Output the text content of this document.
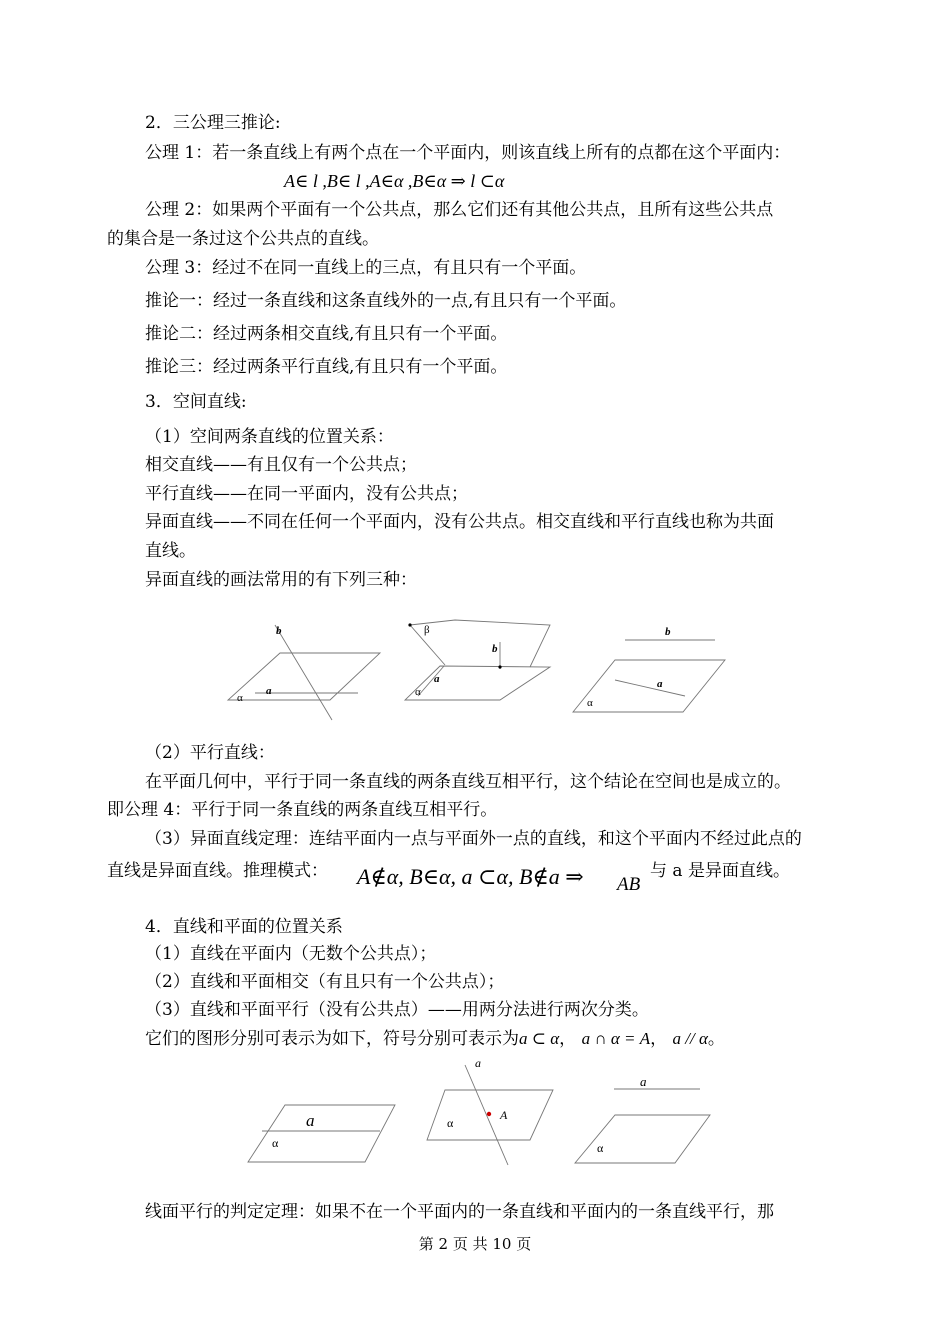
2．三公理三推论:
公理 1：若一条直线上有两个点在一个平面内，则该直线上所有的点都在这个平面内：
A∈ l ,B∈ l ,A∈α ,B∈α ⇒ l ⊂α
公理 2：如果两个平面有一个公共点，那么它们还有其他公共点，且所有这些公共点
的集合是一条过这个公共点的直线。
公理 3：经过不在同一直线上的三点，有且只有一个平面。
推论一：经过一条直线和这条直线外的一点,有且只有一个平面。
推论二：经过两条相交直线,有且只有一个平面。
推论三：经过两条平行直线,有且只有一个平面。
3．空间直线:
（1）空间两条直线的位置关系：
相交直线——有且仅有一个公共点；
平行直线——在同一平面内，没有公共点；
异面直线——不同在任何一个平面内，没有公共点。相交直线和平行直线也称为共面
直线。
异面直线的画法常用的有下列三种：
b
a
α
β
b
a
α
b
a
α
（2）平行直线：
在平面几何中，平行于同一条直线的两条直线互相平行，这个结论在空间也是成立的。
即公理 4：平行于同一条直线的两条直线互相平行。
（3）异面直线定理：连结平面内一点与平面外一点的直线，和这个平面内不经过此点的
直线是异面直线。推理模式： A∉α, B∈α, a ⊂α, B∉a ⇒ AB
与 a 是异面直线。
4．直线和平面的位置关系
（1）直线在平面内（无数个公共点）；
（2）直线和平面相交（有且只有一个公共点）；
（3）直线和平面平行（没有公共点）——用两分法进行两次分类。
它们的图形分别可表示为如下，符号分别可表示为a ⊂ α， a ∩ α = A， a // α。
a
α
a
A
α
a
α
线面平行的判定定理：如果不在一个平面内的一条直线和平面内的一条直线平行，那
第 2 页 共 10 页
